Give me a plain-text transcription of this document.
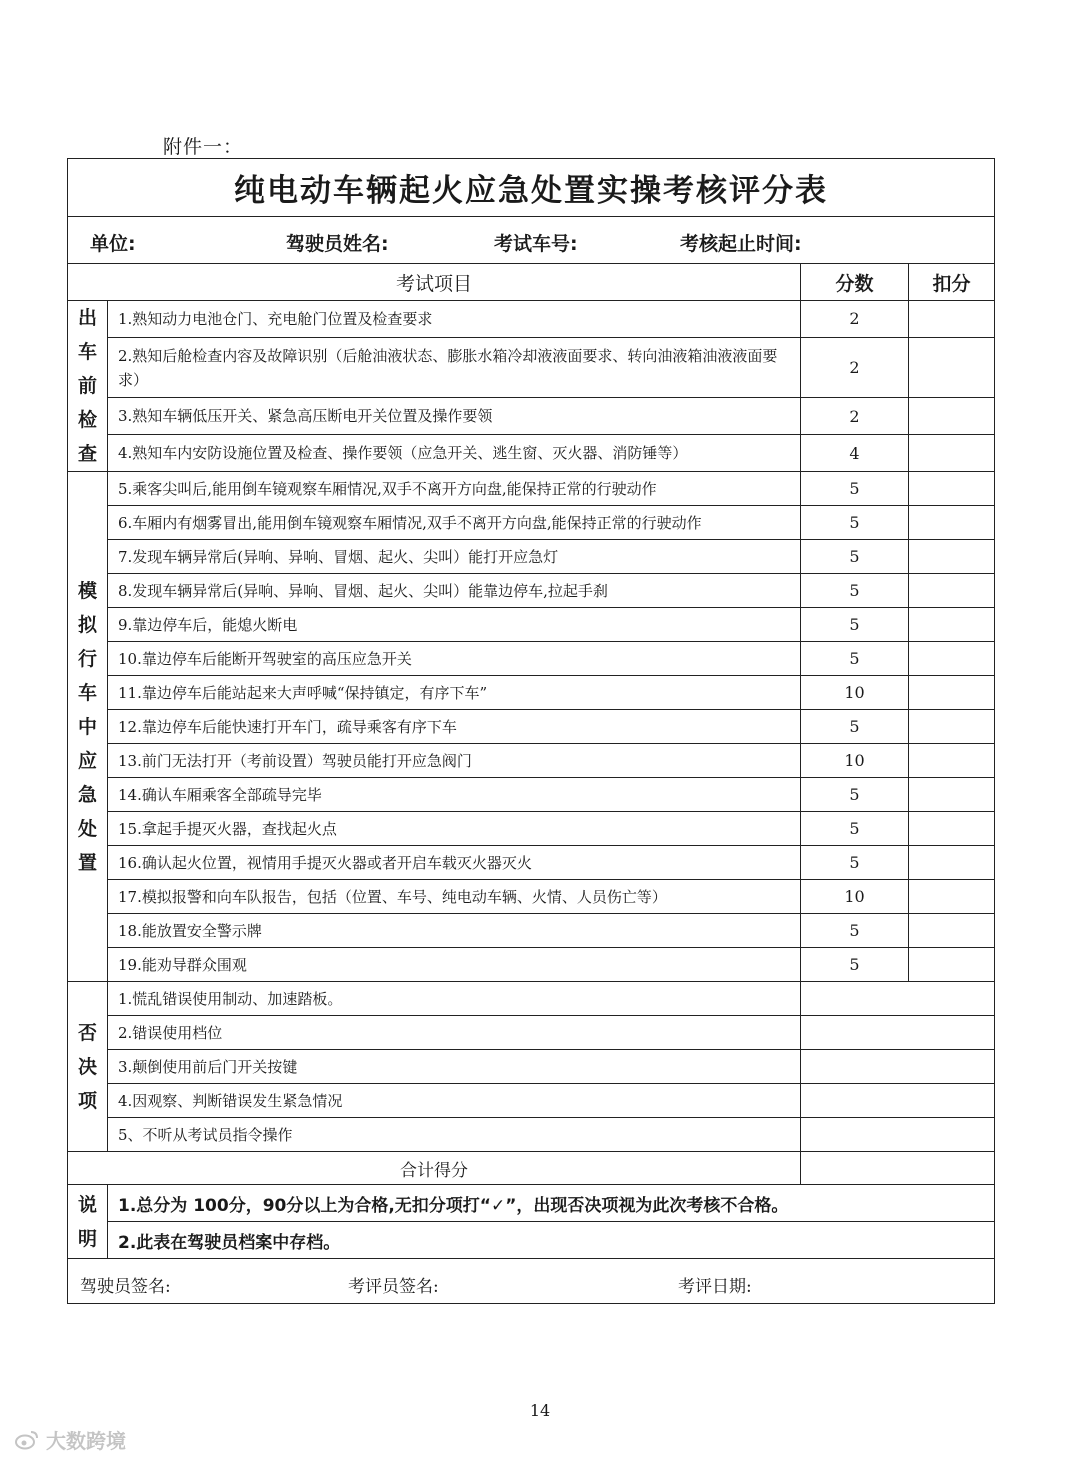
附件一：
纯电动车辆起火应急处置实操考核评分表			

单位: 驾驶员姓名: 考试车号: 考核起止时间:			

考试项目		分数	扣分

出车前检查	1.熟知动力电池仓门、充电舱门位置及检查要求	2	
	2.熟知后舱检查内容及故障识别（后舱油液状态、膨胀水箱冷却液液面要求、转向油液箱油液液面要求）	2	
	3.熟知车辆低压开关、紧急高压断电开关位置及操作要领	2	
	4.熟知车内安防设施位置及检查、操作要领（应急开关、逃生窗、灭火器、消防锤等）	4	

模拟行车中应急处置	5.乘客尖叫后,能用倒车镜观察车厢情况,双手不离开方向盘,能保持正常的行驶动作	5	
	6.车厢内有烟雾冒出,能用倒车镜观察车厢情况,双手不离开方向盘,能保持正常的行驶动作	5	
	7.发现车辆异常后(异响、异响、冒烟、起火、尖叫）能打开应急灯	5	
	8.发现车辆异常后(异响、异响、冒烟、起火、尖叫）能靠边停车,拉起手刹	5	
	9.靠边停车后，能熄火断电	5	
	10.靠边停车后能断开驾驶室的高压应急开关	5	
	11.靠边停车后能站起来大声呼喊“保持镇定，有序下车”	10	
	12.靠边停车后能快速打开车门，疏导乘客有序下车	5	
	13.前门无法打开（考前设置）驾驶员能打开应急阀门	10	
	14.确认车厢乘客全部疏导完毕	5	
	15.拿起手提灭火器，查找起火点	5	
	16.确认起火位置，视情用手提灭火器或者开启车载灭火器灭火	5	
	17.模拟报警和向车队报告，包括（位置、车号、纯电动车辆、火情、人员伤亡等）	10	
	18.能放置安全警示牌	5	
	19.能劝导群众围观	5	

否决项	1.慌乱错误使用制动、加速踏板。		
	2.错误使用档位		
	3.颠倒使用前后门开关按键		
	4.因观察、判断错误发生紧急情况		
	5、不听从考试员指令操作		
合计得分			

说明	1.总分为 100分，90分以上为合格,无扣分项打“✓”，出现否决项视为此次考核不合格。		
	2.此表在驾驶员档案中存档。		

驾驶员签名: 考评员签名: 考评日期:			
14
大数跨境
